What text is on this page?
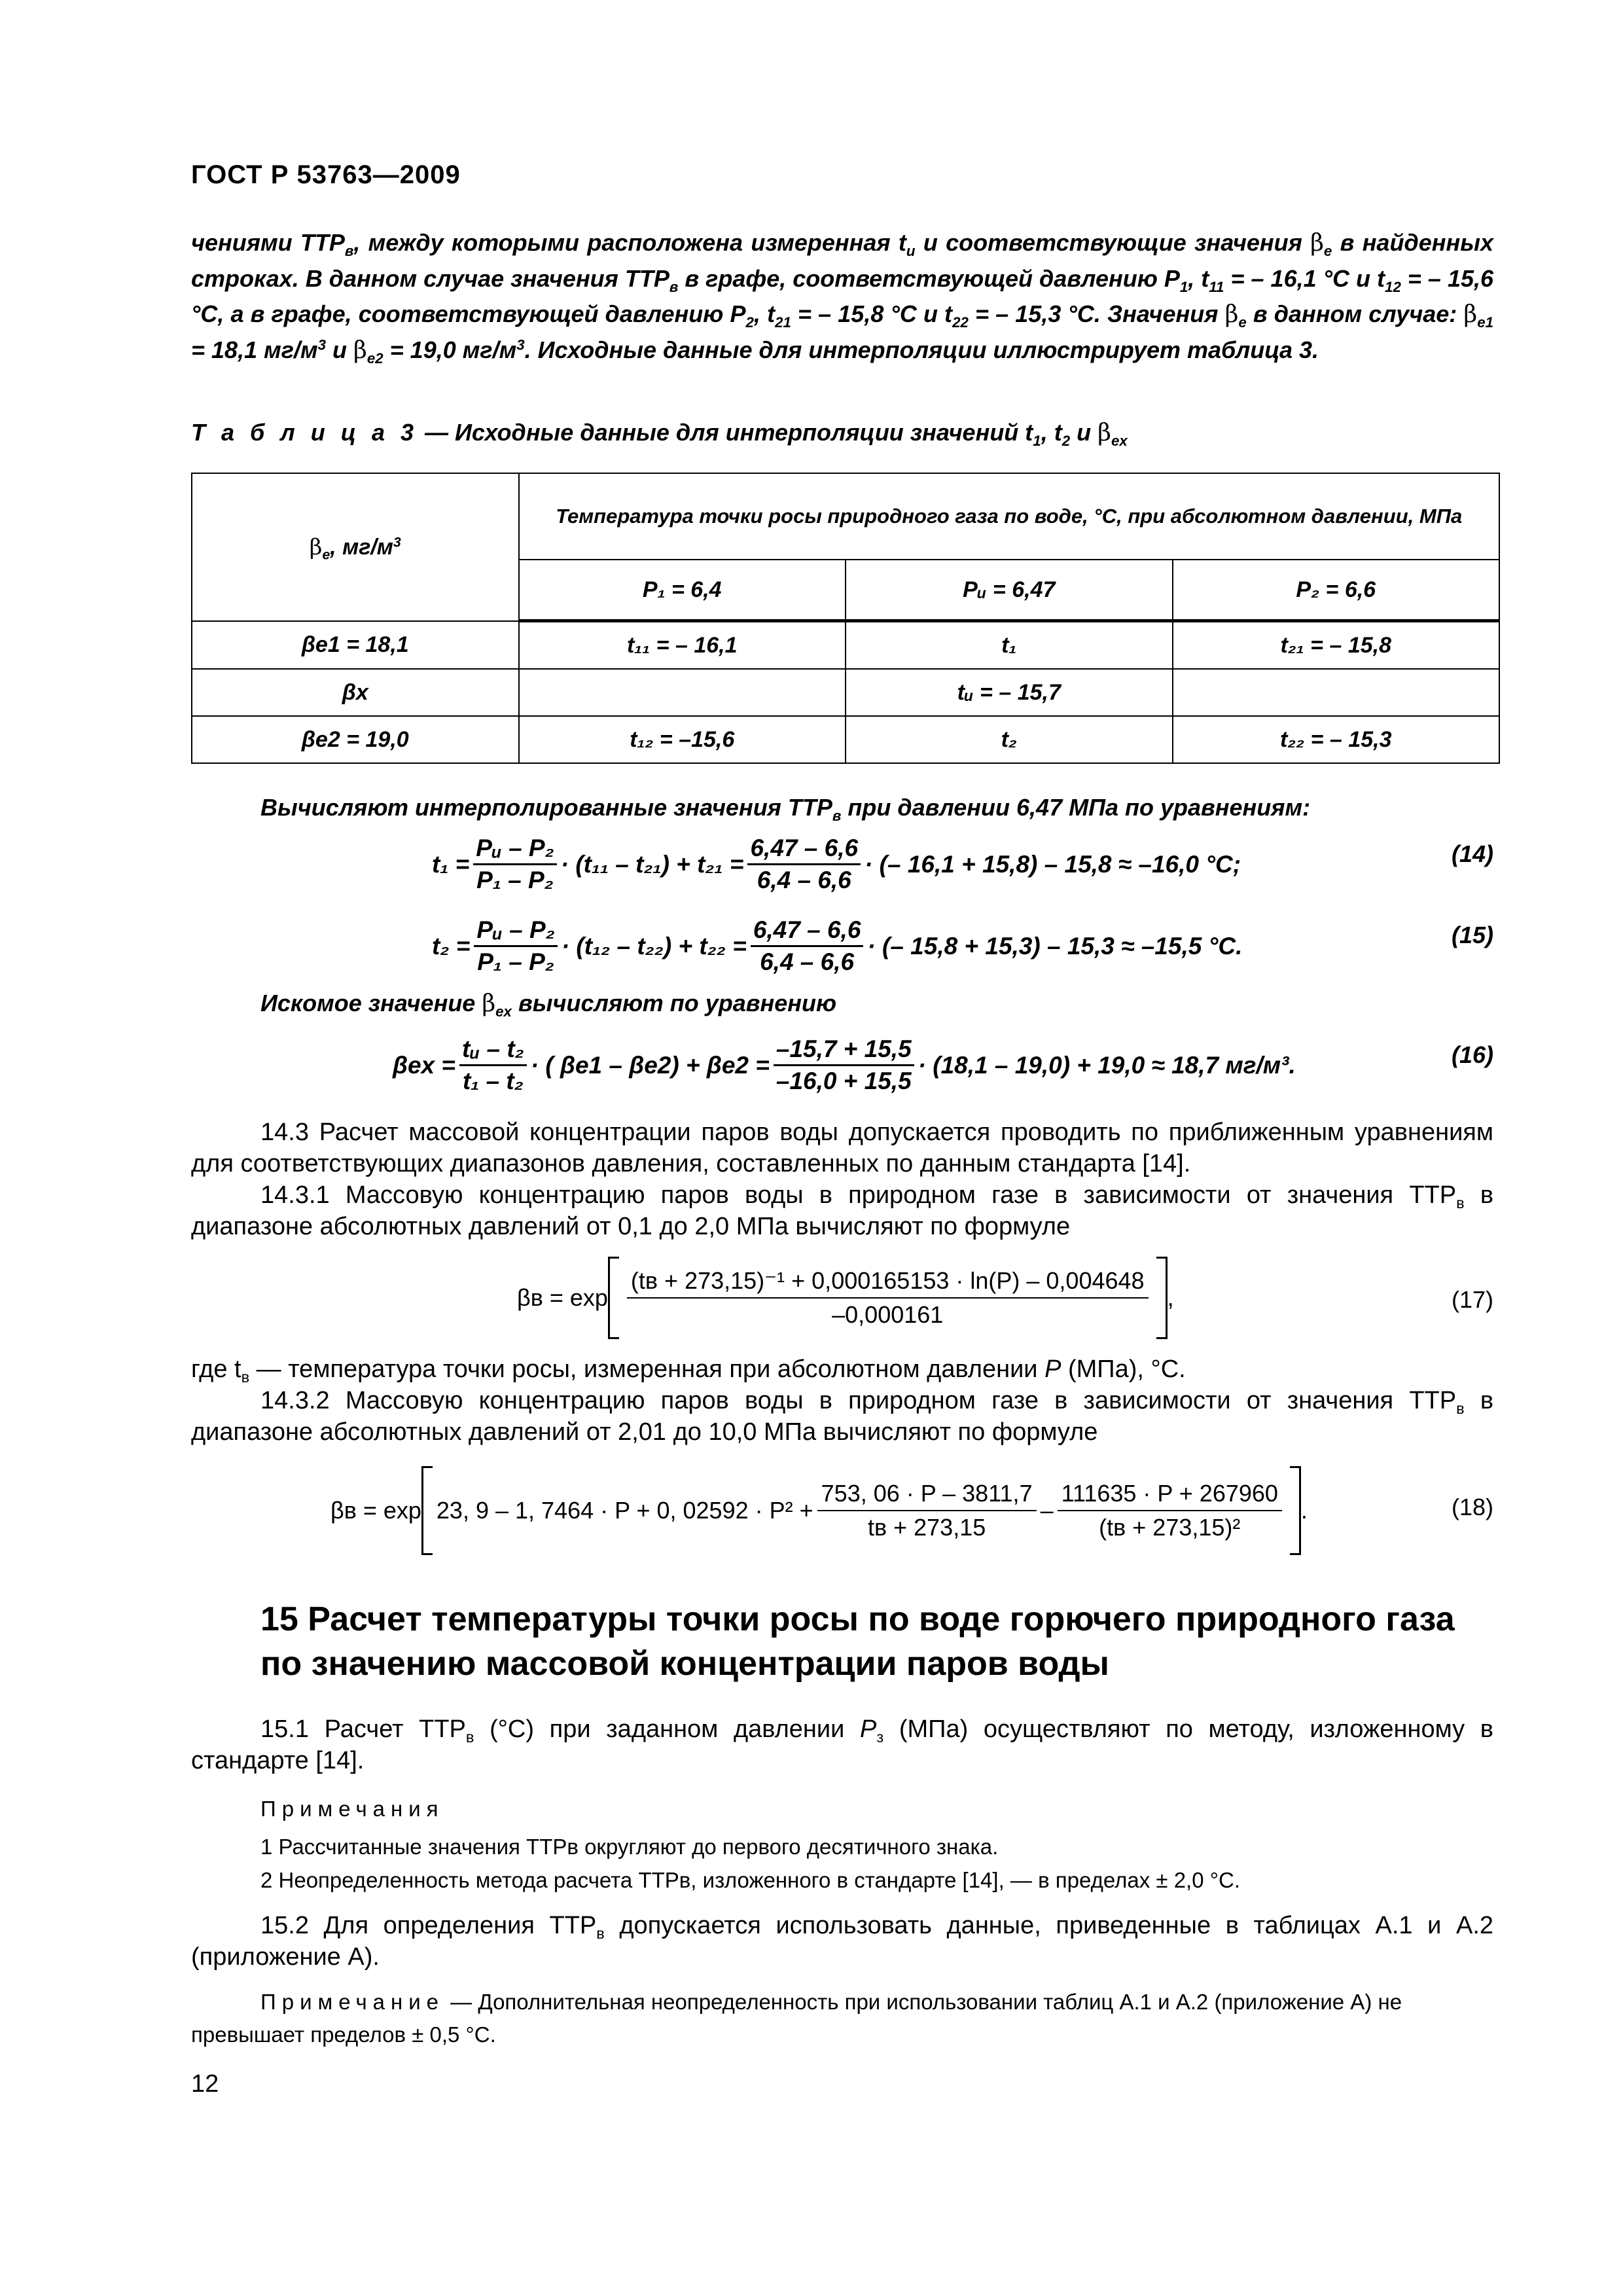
ГОСТ Р 53763—2009

чениями $ТТР_в$, между которыми расположена измеренная $t_u$ и соответствующие значения $\beta_е$ в найденных строках. В данном случае значения $ТТР_в$ в графе, соответствующей давлению $P_1$, $t_{11}$ = – 16,1 °С и $t_{12}$ = – 15,6 °С, а в графе, соответствующей давлению $P_2$, $t_{21}$ = – 15,8 °С и $t_{22}$ = – 15,3 °С. Значения $\beta_е$ в данном случае: $\beta_{е1} = 18,1$ $мг/м^3$ и $\beta_{е2} = 19,0$ $мг/м^3$. Исходные данные для интерполяции иллюстрирует таблица 3.

Т а б л и ц а 3 — Исходные данные для интерполяции значений $t_1$, $t_2$ и $\beta_{ex}$
$\beta_е$, $мг/м^3$	Температура точки росы природного газа по воде, °С, при абсолютном давлении, МПа		
	P₁ = 6,4	Pᵤ = 6,47	P₂ = 6,6
βе1 = 18,1	t₁₁ = – 16,1	t₁	t₂₁ = – 15,8
βx		tᵤ = – 15,7	
βе2 = 19,0	t₁₂ = –15,6	t₂	t₂₂ = – 15,3
Вычисляют интерполированные значения $ТТР_в$ при давлении 6,47 МПа по уравнениям:
$t_1 = \frac{\text{Pᵤ – P₂}}{\text{P₁ – P₂}} \cdot (t_{11} - t_{21}) + t_{21} = \frac{6,47 - 6,6}{6,4 - 6,6}$ · (– 16,1 + 15,8) – 15,8 ≈ –16,0 °С;	(14)
$t_2 = \frac{\text{Pᵤ – P₂}}{\text{P₁ – P₂}} \cdot (t_{12} - t_{22}) + t_{22} = \frac{6,47 - 6,6}{6,4 - 6,6}$ · (– 15,8 + 15,3) – 15,3 ≈ –15,5 °С.	(15)
Искомое значение $\beta_{ex}$ вычисляют по уравнению
$\beta ex = \frac{\text{tᵤ – t₂}}{\text{t₁ – t₂}}$ · ( $\beta е1 - \beta е2) + \beta е2 = \frac{-15,7 + 15,5}{-16,0 + 15,5} \cdot (18,1 - 19,0) + 19,0 \approx 18,7$ мг/м³.	(16)

14.3 Расчет массовой концентрации паров воды допускается проводить по приближенным уравнениям для соответствующих диапазонов давления, составленных по данным стандарта [14].

14.3.1 Массовую концентрацию паров воды в природном газе в зависимости от значения $ТТР_в$ в диапазоне абсолютных давлений от 0,1 до 2,0 МПа вычисляют по формуле

$\beta в = \exp \frac{\text{(tв + 273,15)⁻¹ + 0,000165153 · ln(P) – 0,004648}}{-0,000161}$ ,	(17)

где $t_в$ — температура точки росы, измеренная при абсолютном давлении P (МПа), °С.

14.3.2 Массовую концентрацию паров воды в природном газе в зависимости от значения $ТТР_в$ в диапазоне абсолютных давлений от 2,01 до 10,0 МПа вычисляют по формуле

βв = exp 23, 9 – 1, 7464 · P + 0, $02592 \cdot P^2 + \frac{753, 06 \cdot P - 3811,7}{tв + 273,15} - \frac{111635 \cdot P + 267960}{\text{(tв + 273,15)²}}$ .	(18)
15 Расчет температуры точки росы по воде горючего природного газа
по значению массовой концентрации паров воды

15.1 Расчет $ТТР_в$ (°С) при заданном давлении $P_з$ (МПа) осуществляют по методу, изложенному в стандарте [14].

Примечания

1 Рассчитанные значения ТТРв округляют до первого десятичного знака.

2 Неопределенность метода расчета ТТРв, изложенного в стандарте [14], — в пределах ± 2,0 °С.

15.2 Для определения $ТТР_в$ допускается использовать данные, приведенные в таблицах А.1 и А.2 (приложение А).

Примечание — Дополнительная неопределенность при использовании таблиц А.1 и А.2 (приложение А) не превышает пределов ± 0,5 °С.
12
